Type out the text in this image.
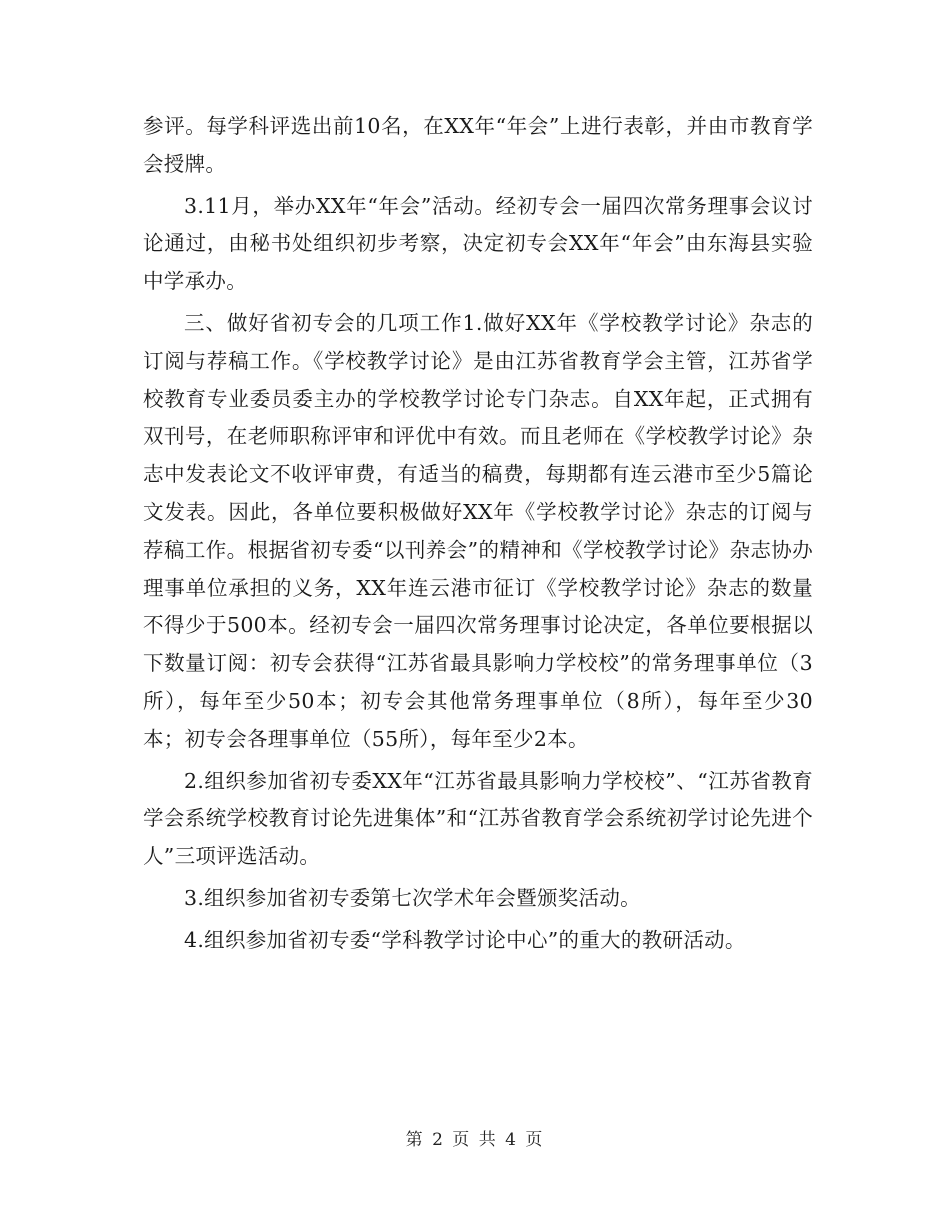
参评。每学科评选出前10名，在XX年“年会”上进行表彰，并由市教育学会授牌。

3.11月，举办XX年“年会”活动。经初专会一届四次常务理事会议讨论通过，由秘书处组织初步考察，决定初专会XX年“年会”由东海县实验中学承办。

三、做好省初专会的几项工作1.做好XX年《学校教学讨论》杂志的订阅与荐稿工作。《学校教学讨论》是由江苏省教育学会主管，江苏省学校教育专业委员委主办的学校教学讨论专门杂志。自XX年起，正式拥有双刊号，在老师职称评审和评优中有效。而且老师在《学校教学讨论》杂志中发表论文不收评审费，有适当的稿费，每期都有连云港市至少5篇论文发表。因此，各单位要积极做好XX年《学校教学讨论》杂志的订阅与荐稿工作。根据省初专委“以刊养会”的精神和《学校教学讨论》杂志协办理事单位承担的义务，XX年连云港市征订《学校教学讨论》杂志的数量不得少于500本。经初专会一届四次常务理事讨论决定，各单位要根据以下数量订阅：初专会获得“江苏省最具影响力学校校”的常务理事单位（3所），每年至少50本；初专会其他常务理事单位（8所），每年至少30本；初专会各理事单位（55所），每年至少2本。

2.组织参加省初专委XX年“江苏省最具影响力学校校”、“江苏省教育学会系统学校教育讨论先进集体”和“江苏省教育学会系统初学讨论先进个人”三项评选活动。

3.组织参加省初专委第七次学术年会暨颁奖活动。

4.组织参加省初专委“学科教学讨论中心”的重大的教研活动。

第 2 页 共 4 页
